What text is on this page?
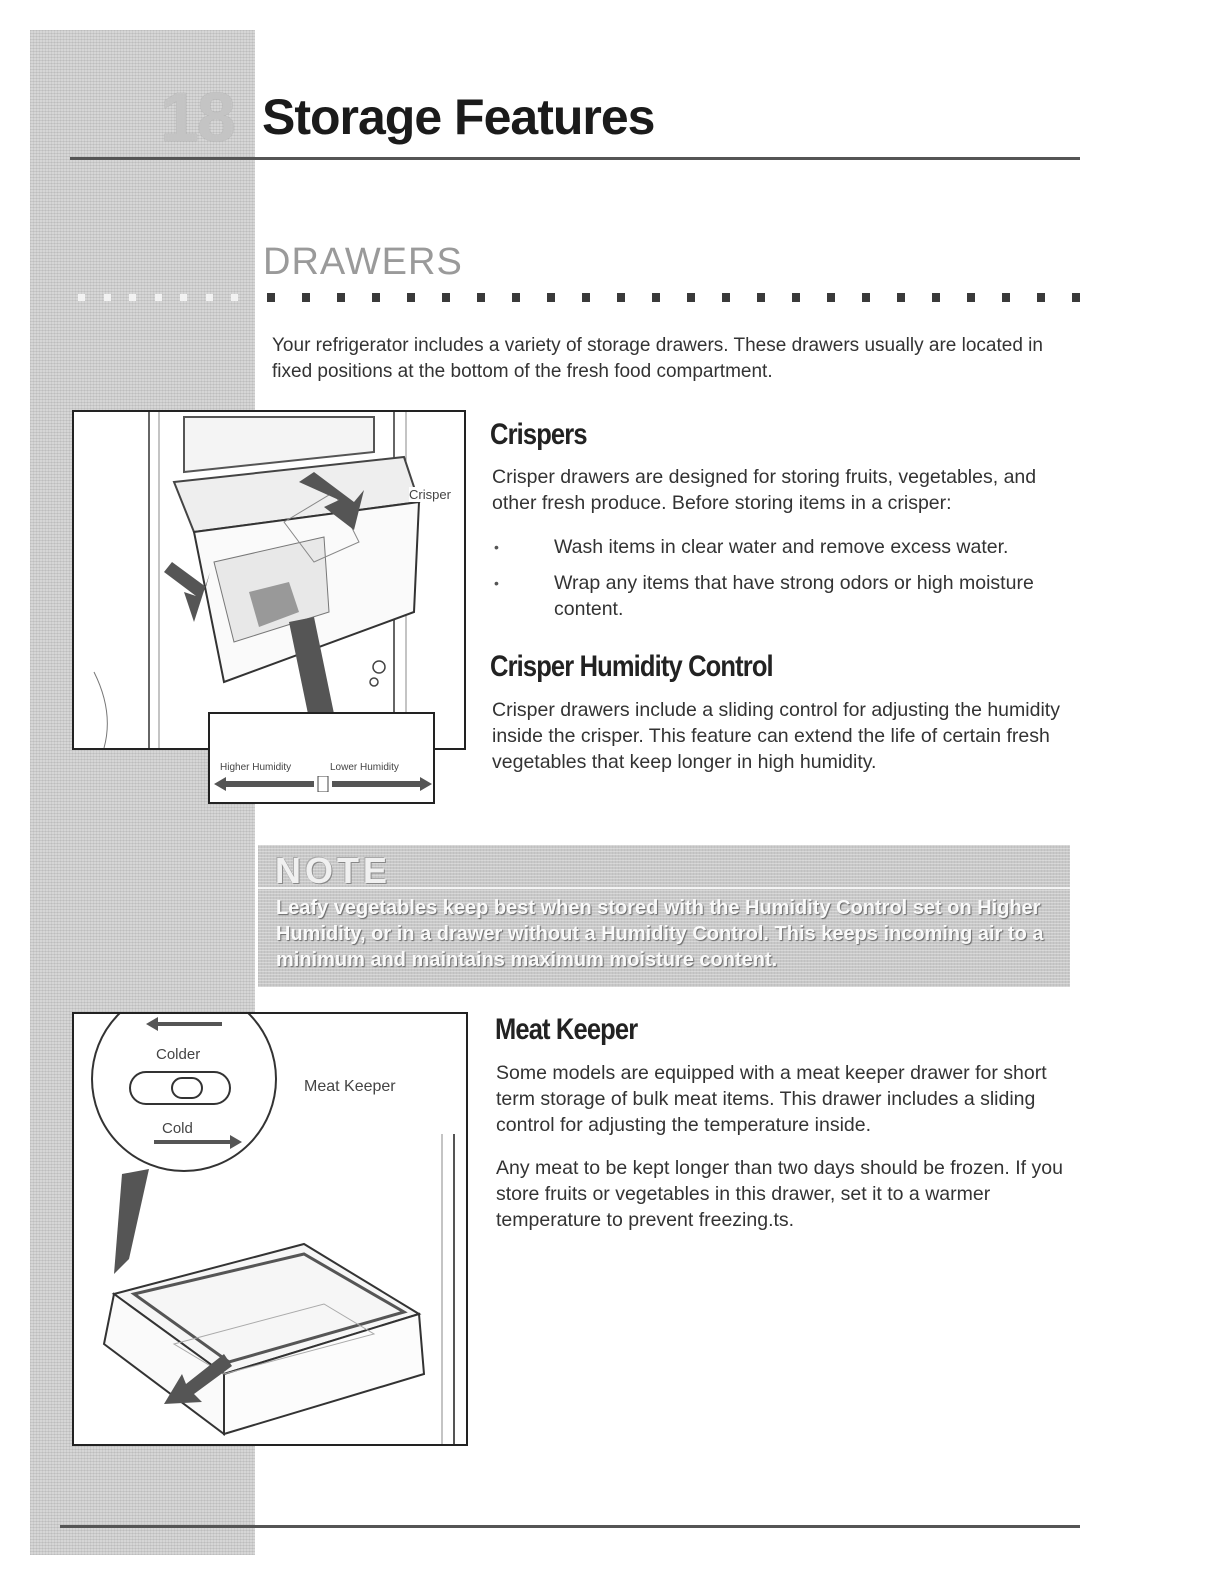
18 Storage Features
DRAWERS
Your refrigerator includes a variety of storage drawers. These drawers usually are located in fixed positions at the bottom of the fresh food compartment.
Crisper
Higher Humidity	Lower Humidity
Crispers
Crisper drawers are designed for storing fruits, vegetables, and other fresh produce. Before storing items in a crisper:
• Wash items in clear water and remove excess water.
• Wrap any items that have strong odors or high moisture content.
Crisper Humidity Control
Crisper drawers include a sliding control for adjusting the humidity inside the crisper. This feature can extend the life of certain fresh vegetables that keep longer in high humidity.
NOTE
Leafy vegetables keep best when stored with the Humidity Control set on Higher Humidity, or in a drawer without a Humidity Control. This keeps incoming air to a minimum and maintains maximum moisture content.
Colder
Cold
Meat Keeper
Meat Keeper
Some models are equipped with a meat keeper drawer for short term storage of bulk meat items. This drawer includes a sliding control for adjusting the temperature inside.
Any meat to be kept longer than two days should be frozen. If you store fruits or vegetables in this drawer, set it to a warmer temperature to prevent freezing.ts.
